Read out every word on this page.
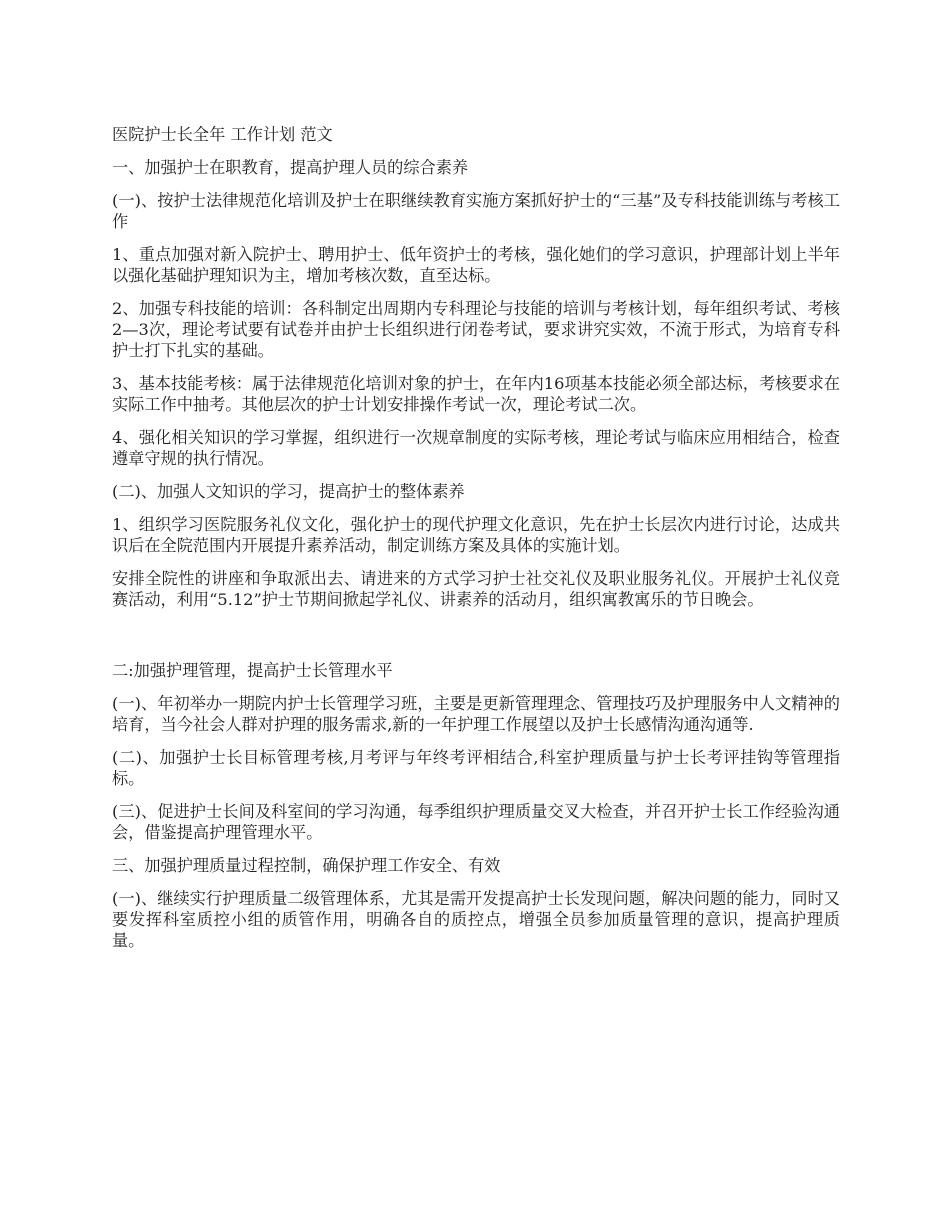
医院护士长全年 工作计划 范文

一、加强护士在职教育，提高护理人员的综合素养

(一)、按护士法律规范化培训及护士在职继续教育实施方案抓好护士的“三基”及专科技能训练与考核工作

1、重点加强对新入院护士、聘用护士、低年资护士的考核，强化她们的学习意识，护理部计划上半年以强化基础护理知识为主，增加考核次数，直至达标。

2、加强专科技能的培训：各科制定出周期内专科理论与技能的培训与考核计划，每年组织考试、考核2—3次，理论考试要有试卷并由护士长组织进行闭卷考试，要求讲究实效，不流于形式，为培育专科护士打下扎实的基础。

3、基本技能考核：属于法律规范化培训对象的护士，在年内16项基本技能必须全部达标，考核要求在实际工作中抽考。其他层次的护士计划安排操作考试一次，理论考试二次。

4、强化相关知识的学习掌握，组织进行一次规章制度的实际考核，理论考试与临床应用相结合，检查遵章守规的执行情况。

(二)、加强人文知识的学习，提高护士的整体素养

1、组织学习医院服务礼仪文化，强化护士的现代护理文化意识，先在护士长层次内进行讨论，达成共识后在全院范围内开展提升素养活动，制定训练方案及具体的实施计划。

安排全院性的讲座和争取派出去、请进来的方式学习护士社交礼仪及职业服务礼仪。开展护士礼仪竞赛活动，利用“5.12”护士节期间掀起学礼仪、讲素养的活动月，组织寓教寓乐的节日晚会。

二:加强护理管理，提高护士长管理水平

(一)、年初举办一期院内护士长管理学习班，主要是更新管理理念、管理技巧及护理服务中人文精神的培育，当今社会人群对护理的服务需求,新的一年护理工作展望以及护士长感情沟通沟通等.

(二)、加强护士长目标管理考核,月考评与年终考评相结合,科室护理质量与护士长考评挂钩等管理指标。

(三)、促进护士长间及科室间的学习沟通，每季组织护理质量交叉大检查，并召开护士长工作经验沟通会，借鉴提高护理管理水平。

三、加强护理质量过程控制，确保护理工作安全、有效

(一)、继续实行护理质量二级管理体系，尤其是需开发提高护士长发现问题，解决问题的能力，同时又要发挥科室质控小组的质管作用，明确各自的质控点，增强全员参加质量管理的意识，提高护理质量。
